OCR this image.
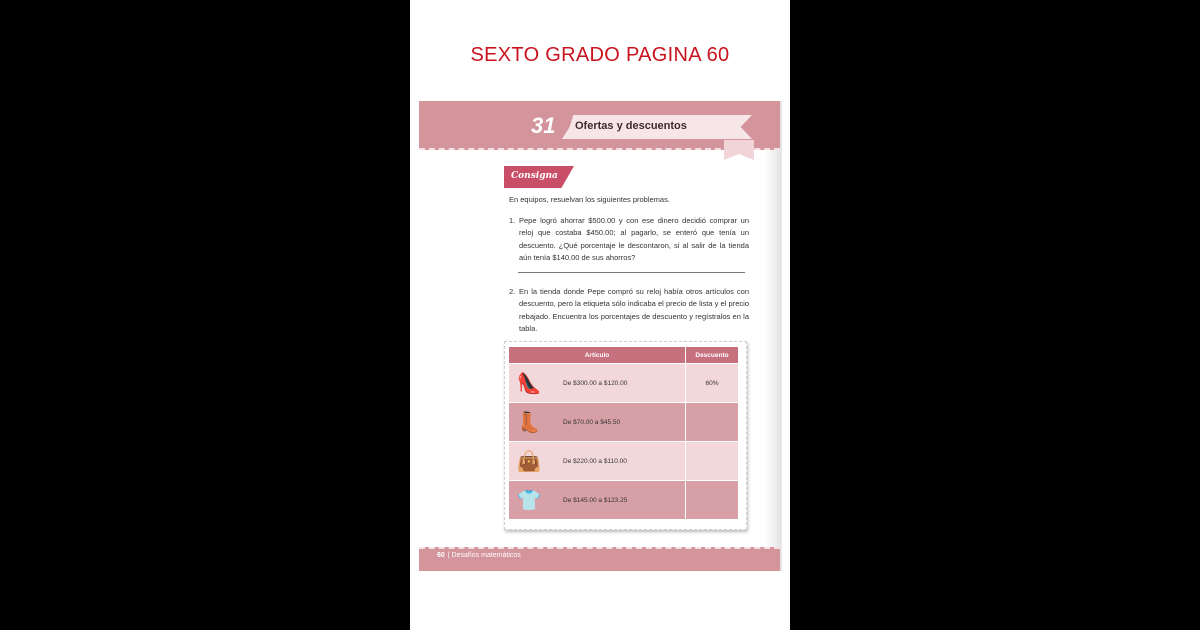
SEXTO GRADO PAGINA 60
31 Ofertas y descuentos
Consigna
En equipos, resuelvan los siguientes problemas.
1. Pepe logró ahorrar $500.00 y con ese dinero decidió comprar un reloj que costaba $450.00; al pagarlo, se enteró que tenía un descuento. ¿Qué porcentaje le descontaron, si al salir de la tienda aún tenía $140.00 de sus ahorros?
2. En la tienda donde Pepe compró su reloj había otros artículos con descuento, pero la etiqueta sólo indicaba el precio de lista y el precio rebajado. Encuentra los porcentajes de descuento y regístralos en la tabla.
Artículo		Descuento
👠	De $300.00 a $120.00	60%
👢	De $70.00 a $45.50	
👜	De $220.00 a $110.00	
👕	De $145.00 a $123.25	
60 | Desafíos matemáticos
